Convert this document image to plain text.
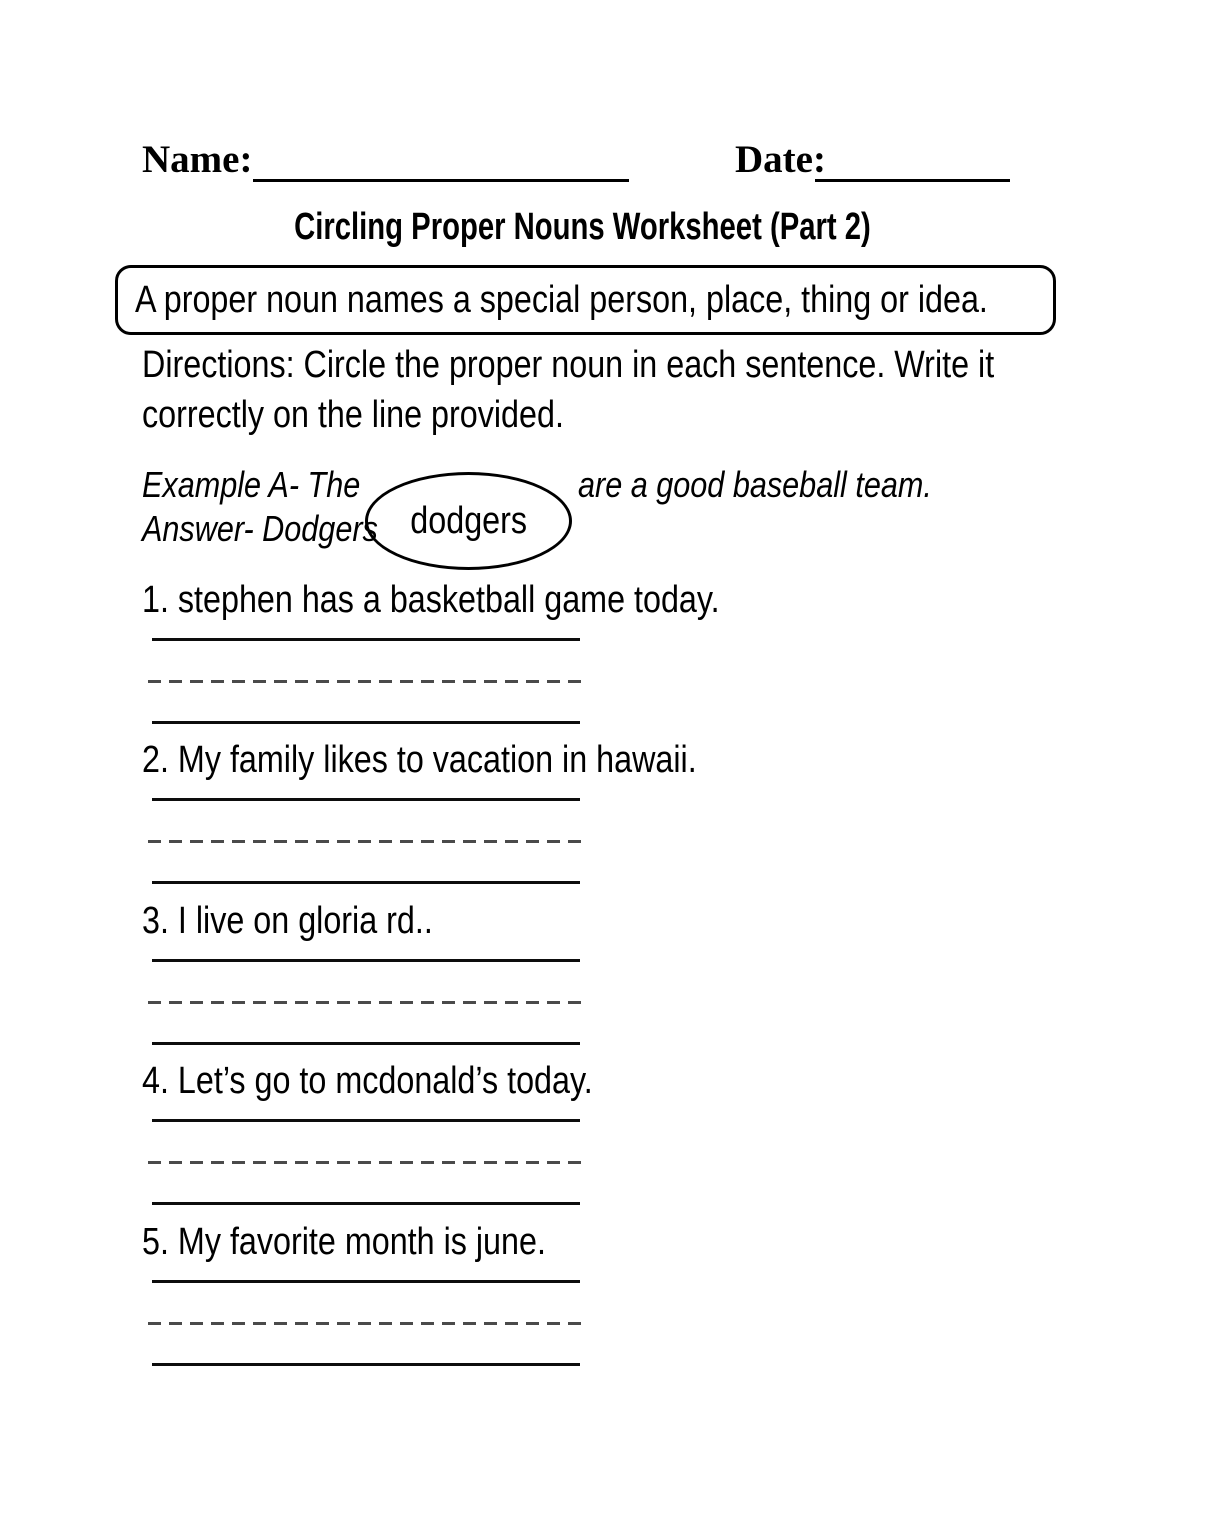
Name:	Date:
Circling Proper Nouns Worksheet (Part 2)
A proper noun names a special person, place, thing or idea.
Directions: Circle the proper noun in each sentence. Write it
correctly on the line provided.
dodgers
Example A- The	are a good baseball team.
Answer- Dodgers
1. stephen has a basketball game today.
2. My family likes to vacation in hawaii.
3. I live on gloria rd..
4. Let’s go to mcdonald’s today.
5. My favorite month is june.
